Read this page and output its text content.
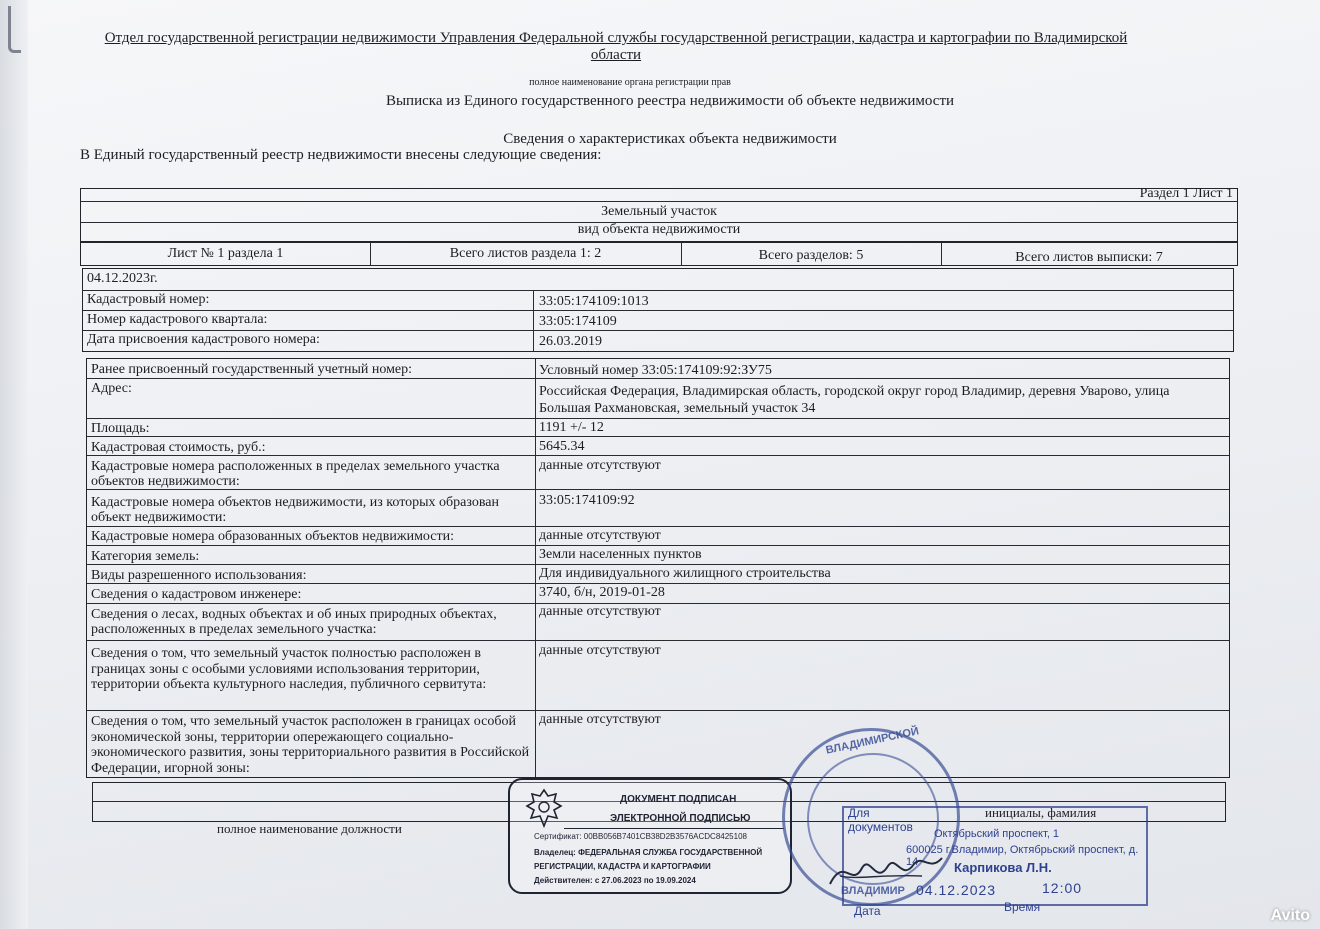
Отдел государственной регистрации недвижимости Управления Федеральной службы государственной регистрации, кадастра и картографии по Владимирской
области
полное наименование органа регистрации прав
Выписка из Единого государственного реестра недвижимости об объекте недвижимости
Сведения о характеристиках объекта недвижимости
В Единый государственный реестр недвижимости внесены следующие сведения:
Раздел 1 Лист 1
Земельный участок
вид объекта недвижимости
Лист № 1 раздела 1	Всего листов раздела 1: 2	Всего разделов: 5	Всего листов выписки: 7
04.12.2023г.
Кадастровый номер:	33:05:174109:1013
Номер кадастрового квартала:	33:05:174109
Дата присвоения кадастрового номера:	26.03.2019
Ранее присвоенный государственный учетный номер:	Условный номер 33:05:174109:92:ЗУ75
Адрес:	Российская Федерация, Владимирская область, городской округ город Владимир, деревня Уварово, улица Большая Рахмановская, земельный участок 34
Площадь:	1191 +/- 12
Кадастровая стоимость, руб.:	5645.34
Кадастровые номера расположенных в пределах земельного участка объектов недвижимости:
данные отсутствуют
Кадастровые номера объектов недвижимости, из которых образован объект недвижимости:
33:05:174109:92
Кадастровые номера образованных объектов недвижимости:	данные отсутствуют
Категория земель:	Земли населенных пунктов
Виды разрешенного использования:	Для индивидуального жилищного строительства
Сведения о кадастровом инженере:	3740, б/н, 2019-01-28
Сведения о лесах, водных объектах и об иных природных объектах, расположенных в пределах земельного участка:
данные отсутствуют
Сведения о том, что земельный участок полностью расположен в границах зоны с особыми условиями использования территории, территории объекта культурного наследия, публичного сервитута:
данные отсутствуют
Сведения о том, что земельный участок расположен в границах особой экономической зоны, территории опережающего социально-экономического развития, зоны территориального развития в Российской Федерации, игорной зоны:
данные отсутствуют
полное наименование должности
инициалы, фамилия
ДОКУМЕНТ ПОДПИСАН
ЭЛЕКТРОННОЙ ПОДПИСЬЮ
Сертификат: 00BB056B7401CB38D2B3576ACDC8425108
Владелец: ФЕДЕРАЛЬНАЯ СЛУЖБА ГОСУДАРСТВЕННОЙ
РЕГИСТРАЦИИ, КАДАСТРА И КАРТОГРАФИИ
Действителен: с 27.06.2023 по 19.09.2024
ВЛАДИМИРСКОЙ
ВЛАДИМИР
Для документов Октябрьский проспект, 1
600025 г.Владимир, Октябрьский проспект, д. 14	Карпикова Л.Н.
04.12.2023	12:00
Дата	Время	Avito
